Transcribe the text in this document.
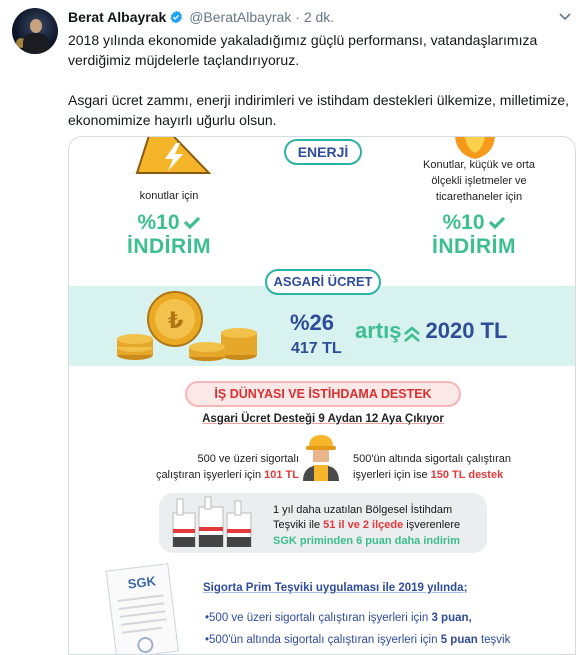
Berat Albayrak @BeratAlbayrak · 2 dk.

2018 yılında ekonomide yakaladığımız güçlü performansı, vatandaşlarımıza

verdiğimiz müjdelerle taçlandırıyoruz.

Asgari ücret zammı, enerji indirimleri ve istihdam destekleri ülkemize, milletimize,

ekonomimize hayırlı uğurlu olsun.

ENERJİ
konutlar için
Konutlar, küçük ve orta
ölçekli işletmeler ve
ticarethaneler için
%10
İNDİRİM
%10
İNDİRİM
ASGARİ ÜCRET
₺	%26
417 TL
artış 2020 TL
İŞ DÜNYASI VE İSTİHDAMA DESTEK
Asgari Ücret Desteği 9 Aydan 12 Aya Çıkıyor
500 ve üzeri sigortalı
çalıştıran işyerleri için 101 TL
500'ün altında sigortalı çalıştıran
işyerleri için ise 150 TL destek
1 yıl daha uzatılan Bölgesel İstihdam
Teşviki ile 51 il ve 2 ilçede işverenlere
SGK priminden 6 puan daha indirim
SGK	Sigorta Prim Teşviki uygulaması ile 2019 yılında;
•500 ve üzeri sigortalı çalıştıran işyerleri için 3 puan,
•500'ün altında sigortalı çalıştıran işyerleri için 5 puan teşvik
